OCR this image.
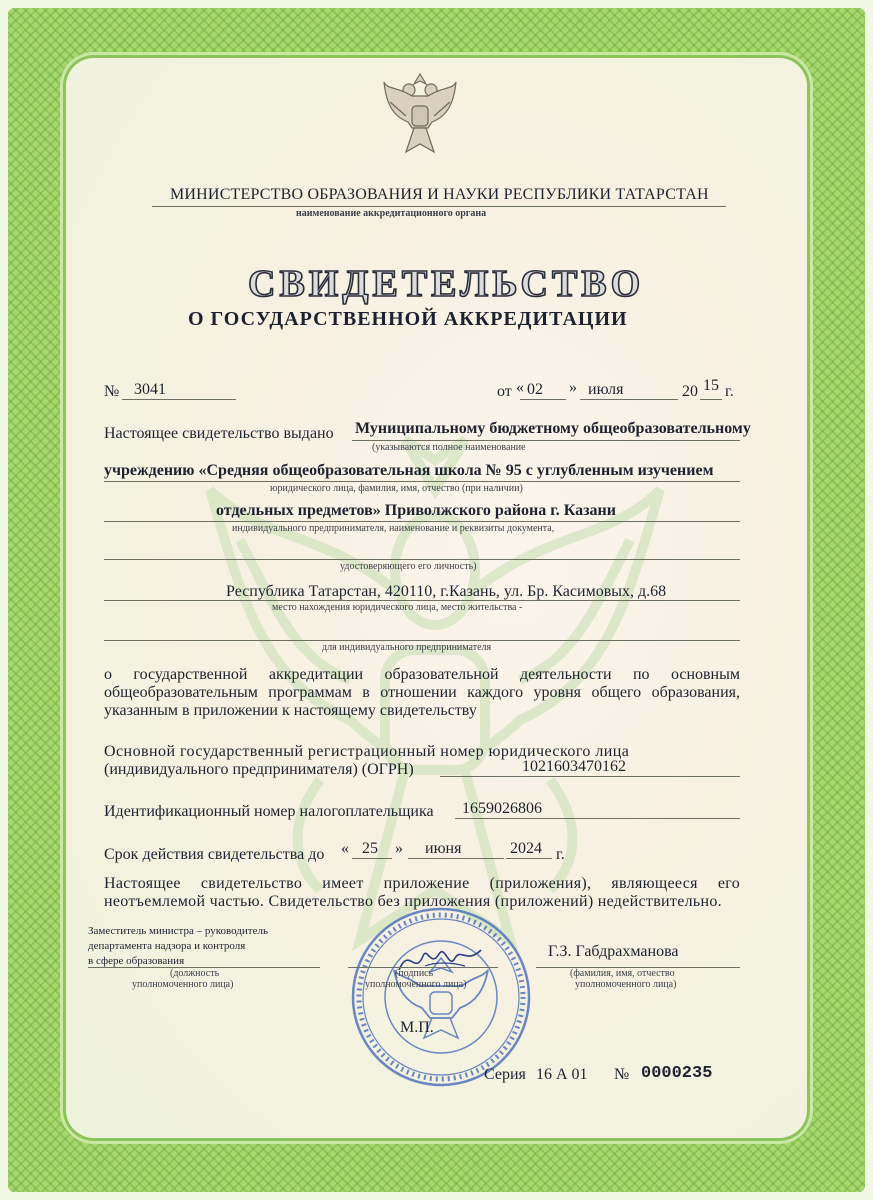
МИНИСТЕРСТВО ОБРАЗОВАНИЯ И НАУКИ РЕСПУБЛИКИ ТАТАРСТАН
наименование аккредитационного органа
СВИДЕТЕЛЬСТВО
О ГОСУДАРСТВЕННОЙ АККРЕДИТАЦИИ
№ 3041	от « 02 » июля	20 15 г.
Настоящее свидетельство выдано Муниципальному бюджетному общеобразовательному
(указываются полное наименование
учреждению «Средняя общеобразовательная школа № 95 с углубленным изучением
юридического лица, фамилия, имя, отчество (при наличии)
отдельных предметов» Приволжского района г. Казани
индивидуального предпринимателя, наименование и реквизиты документа,
удостоверяющего его личность)
Республика Татарстан, 420110, г.Казань, ул. Бр. Касимовых, д.68
место нахождения юридического лица, место жительства -
для индивидуального предпринимателя
о государственной аккредитации образовательной деятельности по основным общеобразовательным программам в отношении каждого уровня общего образования, указанным в приложении к настоящему свидетельству
Основной государственный регистрационный номер юридического лица
(индивидуального предпринимателя) (ОГРН)	1021603470162
Идентификационный номер налогоплательщика 1659026806
Срок действия свидетельства до « 25 » июня	2024 г.
Настоящее свидетельство имеет приложение (приложения), являющееся его неотъемлемой частью. Свидетельство без приложения (приложений) недействительно.
Заместитель министра – руководитель
департамента надзора и контроля
в сфере образования
(должность
уполномоченного лица)
(подпись
уполномоченного лица)
Г.З. Габдрахманова
(фамилия, имя, отчество
уполномоченного лица)
М.П.
Серия 16 А 01 № 0000235
